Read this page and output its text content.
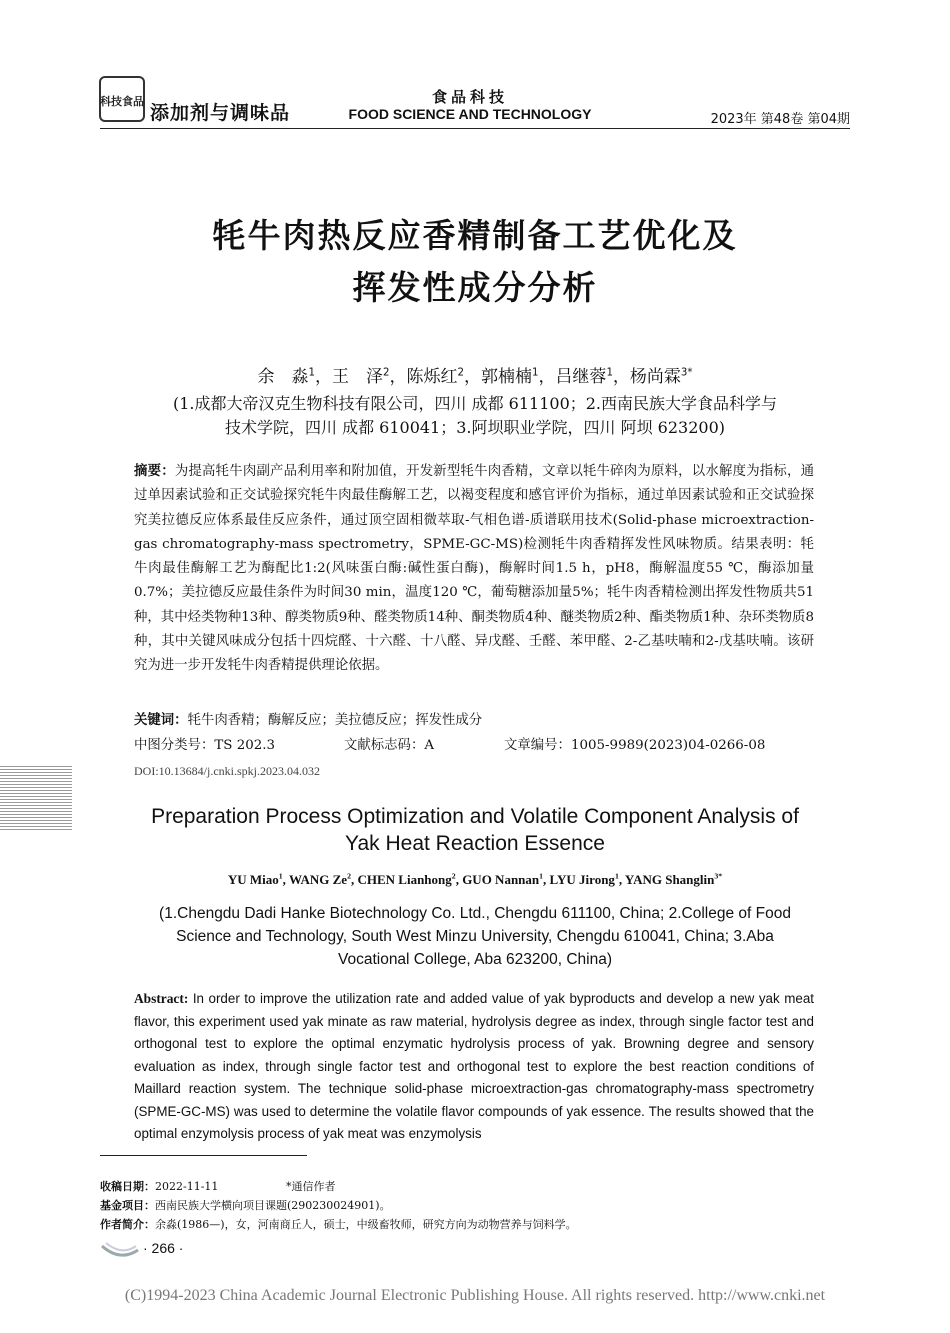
科技食品
添加剂与调味品
食品科技
FOOD SCIENCE AND TECHNOLOGY	2023年 第48卷 第04期
牦牛肉热反应香精制备工艺优化及
挥发性成分分析
余　淼$^1$，王　泽$^2$，陈烁红$^2$，郭楠楠$^1$，吕继蓉$^1$，杨尚霖$^{3*}$
(1.成都大帝汉克生物科技有限公司，四川 成都 611100；2.西南民族大学食品科学与
技术学院，四川 成都 610041；3.阿坝职业学院，四川 阿坝 623200)
摘要：为提高牦牛肉副产品利用率和附加值，开发新型牦牛肉香精，文章以牦牛碎肉为原料，以水解度为指标，通过单因素试验和正交试验探究牦牛肉最佳酶解工艺，以褐变程度和感官评价为指标，通过单因素试验和正交试验探究美拉德反应体系最佳反应条件，通过顶空固相微萃取-气相色谱-质谱联用技术(Solid-phase microextraction-gas chromatography-mass spectrometry，SPME-GC-MS)检测牦牛肉香精挥发性风味物质。结果表明：牦牛肉最佳酶解工艺为酶配比1:2(风味蛋白酶:碱性蛋白酶)，酶解时间1.5 h，pH8，酶解温度55 ℃，酶添加量0.7%；美拉德反应最佳条件为时间30 min，温度120 ℃，葡萄糖添加量5%；牦牛肉香精检测出挥发性物质共51种，其中烃类物种13种、醇类物质9种、醛类物质14种、酮类物质4种、醚类物质2种、酯类物质1种、杂环类物质8种，其中关键风味成分包括十四烷醛、十六醛、十八醛、异戊醛、壬醛、苯甲醛、2-乙基呋喃和2-戊基呋喃。该研究为进一步开发牦牛肉香精提供理论依据。
关键词：牦牛肉香精；酶解反应；美拉德反应；挥发性成分
中图分类号：TS 202.3	文献标志码：A	文章编号：1005-9989(2023)04-0266-08
DOI:10.13684/j.cnki.spkj.2023.04.032
Preparation Process Optimization and Volatile Component Analysis of
Yak Heat Reaction Essence
YU Miao$^1$, WANG Ze$^2$, CHEN Lianhong$^2$, GUO Nannan$^1$, LYU Jirong$^1$, YANG Shanglin$^{3*}$
(1.Chengdu Dadi Hanke Biotechnology Co. Ltd., Chengdu 611100, China; 2.College of Food
Science and Technology, South West Minzu University, Chengdu 610041, China; 3.Aba
Vocational College, Aba 623200, China)
Abstract: In order to improve the utilization rate and added value of yak byproducts and develop a new yak meat flavor, this experiment used yak minate as raw material, hydrolysis degree as index, through single factor test and orthogonal test to explore the optimal enzymatic hydrolysis process of yak. Browning degree and sensory evaluation as index, through single factor test and orthogonal test to explore the best reaction conditions of Maillard reaction system. The technique solid-phase microextraction-gas chromatography-mass spectrometry (SPME-GC-MS) was used to determine the volatile flavor compounds of yak essence. The results showed that the optimal enzymolysis process of yak meat was enzymolysis
收稿日期：2022-11-11	*通信作者
基金项目：西南民族大学横向项目课题(290230024901)。
作者简介：余淼(1986—)，女，河南商丘人，硕士，中级畜牧师，研究方向为动物营养与饲料学。
· 266 ·
(C)1994-2023 China Academic Journal Electronic Publishing House. All rights reserved. http://www.cnki.net
